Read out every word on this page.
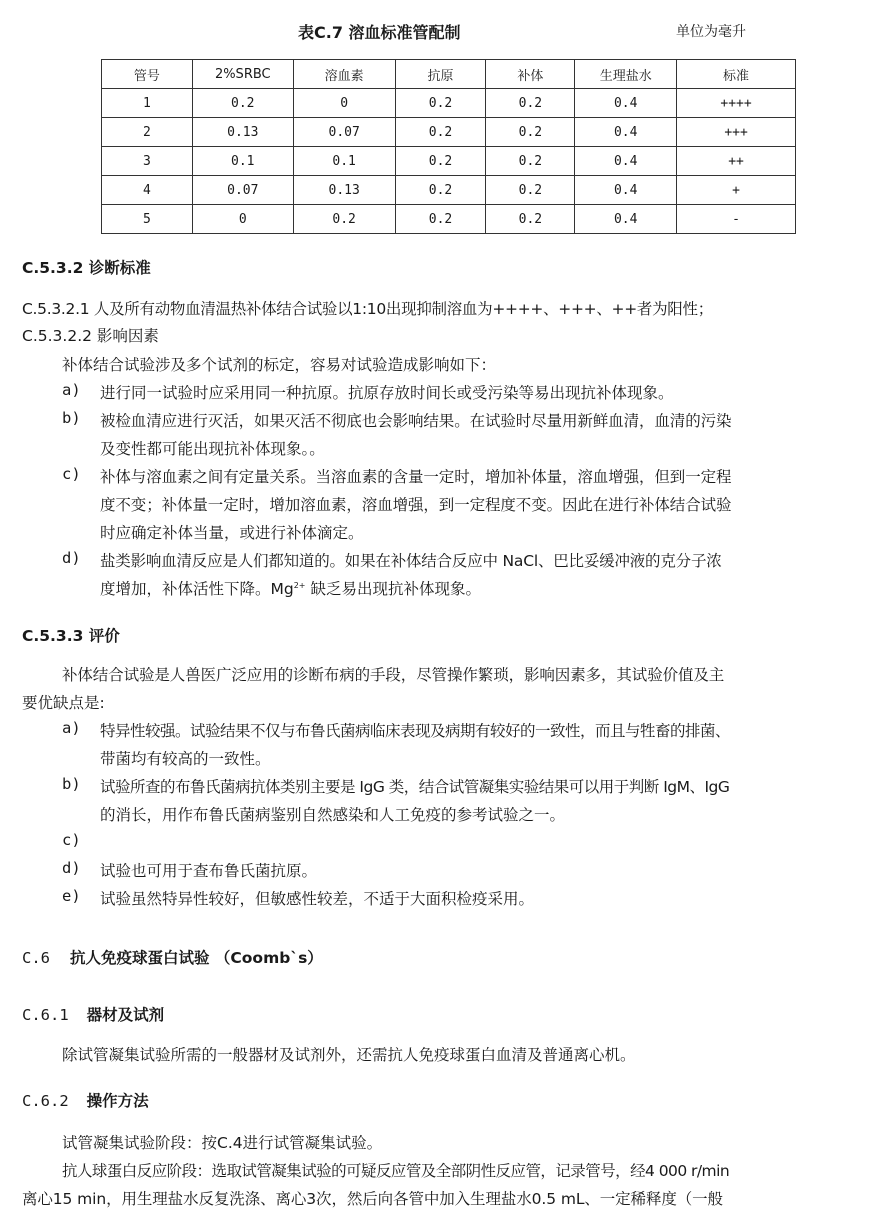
表C.7 溶血标准管配制	单位为毫升
管号	2%SRBC	溶血素	抗原	补体	生理盐水	标准
1	0.2	0	0.2	0.2	0.4	++++
2	0.13	0.07	0.2	0.2	0.4	+++
3	0.1	0.1	0.2	0.2	0.4	++
4	0.07	0.13	0.2	0.2	0.4	+
5	0	0.2	0.2	0.2	0.4	-
C.5.3.2 诊断标准
C.5.3.2.1 人及所有动物血清温热补体结合试验以1:10出现抑制溶血为++++、+++、++者为阳性；
C.5.3.2.2 影响因素
补体结合试验涉及多个试剂的标定，容易对试验造成影响如下：
a) 进行同一试验时应采用同一种抗原。抗原存放时间长或受污染等易出现抗补体现象。
b) 被检血清应进行灭活，如果灭活不彻底也会影响结果。在试验时尽量用新鲜血清，血清的污染
及变性都可能出现抗补体现象。。
c) 补体与溶血素之间有定量关系。当溶血素的含量一定时，增加补体量，溶血增强，但到一定程
度不变；补体量一定时，增加溶血素，溶血增强，到一定程度不变。因此在进行补体结合试验
时应确定补体当量，或进行补体滴定。
d) 盐类影响血清反应是人们都知道的。如果在补体结合反应中 NaCl、巴比妥缓冲液的克分子浓
度增加，补体活性下降。$Mg^{2+}$ 缺乏易出现抗补体现象。
C.5.3.3 评价
补体结合试验是人兽医广泛应用的诊断布病的手段，尽管操作繁琐，影响因素多，其试验价值及主
要优缺点是:
a) 特异性较强。试验结果不仅与布鲁氏菌病临床表现及病期有较好的一致性，而且与牲畜的排菌、
带菌均有较高的一致性。
b) 试验所查的布鲁氏菌病抗体类别主要是 IgG 类，结合试管凝集实验结果可以用于判断 IgM、IgG
的消长，用作布鲁氏菌病鉴别自然感染和人工免疫的参考试验之一。
c)
d) 试验也可用于查布鲁氏菌抗原。
e) 试验虽然特异性较好，但敏感性较差，不适于大面积检疫采用。
C.6 抗人免疫球蛋白试验 （Coomb`s）
C.6.1 器材及试剂
除试管凝集试验所需的一般器材及试剂外，还需抗人免疫球蛋白血清及普通离心机。
C.6.2 操作方法
试管凝集试验阶段：按C.4进行试管凝集试验。
抗人球蛋白反应阶段：选取试管凝集试验的可疑反应管及全部阴性反应管，记录管号，经4 000 r/min
离心15 min，用生理盐水反复洗涤、离心3次，然后向各管中加入生理盐水0.5 mL、一定稀释度（一般
